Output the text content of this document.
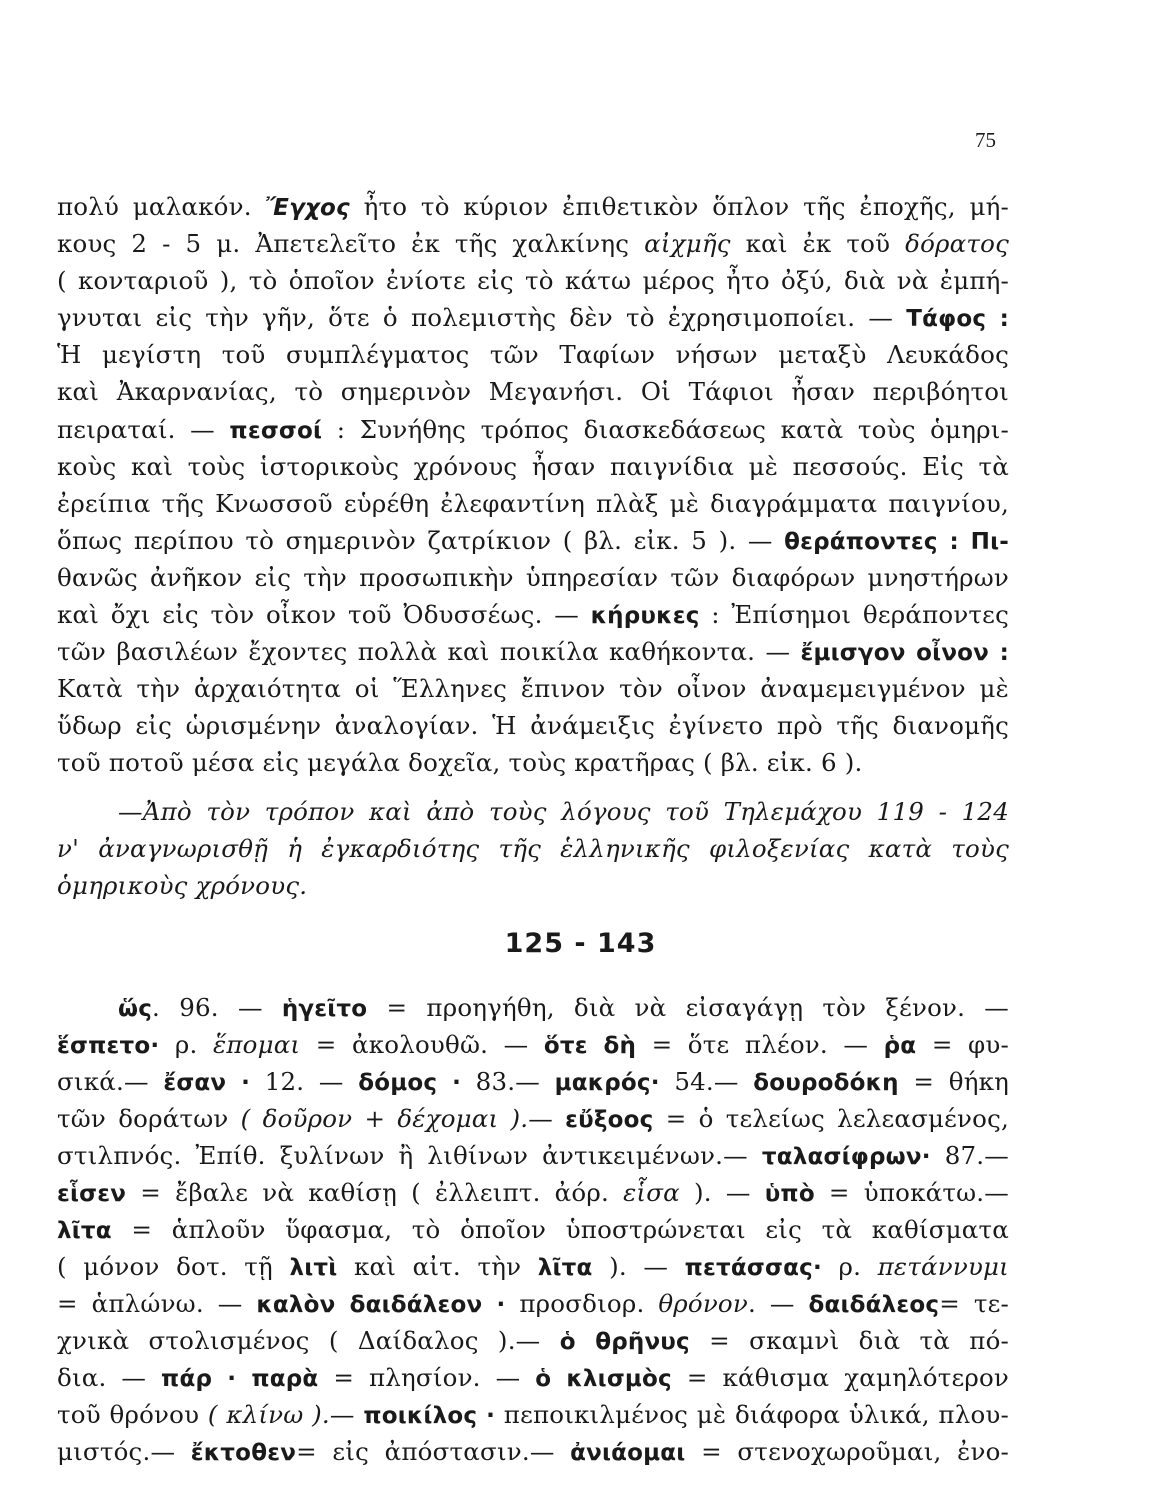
75
πολύ μαλακόν. Ἔγχος ἦτο τὸ κύριον ἐπιθετικὸν ὅπλον τῆς ἐποχῆς, μή-
κους 2 - 5 μ. Ἀπετελεῖτο ἐκ τῆς χαλκίνης αἰχμῆς καὶ ἐκ τοῦ δόρατος
( κονταριοῦ ), τὸ ὁποῖον ἐνίοτε εἰς τὸ κάτω μέρος ἦτο ὀξύ, διὰ νὰ ἐμπή-
γνυται εἰς τὴν γῆν, ὅτε ὁ πολεμιστὴς δὲν τὸ ἐχρησιμοποίει. — Τάφος :
Ἡ μεγίστη τοῦ συμπλέγματος τῶν Ταφίων νήσων μεταξὺ Λευκάδος
καὶ Ἀκαρνανίας, τὸ σημερινὸν Μεγανήσι. Οἱ Τάφιοι ἦσαν περιβόητοι
πειραταί. — πεσσοί : Συνήθης τρόπος διασκεδάσεως κατὰ τοὺς ὁμηρι-
κοὺς καὶ τοὺς ἱστορικοὺς χρόνους ἦσαν παιγνίδια μὲ πεσσούς. Εἰς τὰ
ἐρείπια τῆς Κνωσσοῦ εὑρέθη ἐλεφαντίνη πλὰξ μὲ διαγράμματα παιγνίου,
ὅπως περίπου τὸ σημερινὸν ζατρίκιον ( βλ. εἰκ. 5 ). — θεράποντες : Πι-
θανῶς ἀνῆκον εἰς τὴν προσωπικὴν ὑπηρεσίαν τῶν διαφόρων μνηστήρων
καὶ ὄχι εἰς τὸν οἶκον τοῦ Ὀδυσσέως. — κήρυκες : Ἐπίσημοι θεράποντες
τῶν βασιλέων ἔχοντες πολλὰ καὶ ποικίλα καθήκοντα. — ἔμισγον οἶνον :
Κατὰ τὴν ἀρχαιότητα οἱ Ἕλληνες ἔπινον τὸν οἶνον ἀναμεμειγμένον μὲ
ὕδωρ εἰς ὡρισμένην ἀναλογίαν. Ἡ ἀνάμειξις ἐγίνετο πρὸ τῆς διανομῆς
τοῦ ποτοῦ μέσα εἰς μεγάλα δοχεῖα, τοὺς κρατῆρας ( βλ. εἰκ. 6 ).
—Ἀπὸ τὸν τρόπον καὶ ἀπὸ τοὺς λόγους τοῦ Τηλεμάχου 119 - 124
ν' ἀναγνωρισθῇ ἡ ἐγκαρδιότης τῆς ἑλληνικῆς φιλοξενίας κατὰ τοὺς
ὁμηρικοὺς χρόνους.
125 - 143
ὥς. 96. — ἡγεῖτο = προηγήθη, διὰ νὰ εἰσαγάγῃ τὸν ξένον. —
ἕσπετο· ρ. ἕπομαι = ἀκολουθῶ. — ὅτε δὴ = ὅτε πλέον. — ῥα = φυ-
σικά.— ἔσαν · 12. — δόμος · 83.— μακρός· 54.— δουροδόκη = θήκη
τῶν δοράτων ( δοῦρον + δέχομαι ).— εὔξοος = ὁ τελείως λελεασμένος,
στιλπνός. Ἐπίθ. ξυλίνων ἢ λιθίνων ἀντικειμένων.— ταλασίφρων· 87.—
εἷσεν = ἔβαλε νὰ καθίσῃ ( ἐλλειπτ. ἀόρ. εἷσα ). — ὑπὸ = ὑποκάτω.—
λῖτα = ἁπλοῦν ὕφασμα, τὸ ὁποῖον ὑποστρώνεται εἰς τὰ καθίσματα
( μόνον δοτ. τῇ λιτὶ καὶ αἰτ. τὴν λῖτα ). — πετάσσας· ρ. πετάννυμι
= ἁπλώνω. — καλὸν δαιδάλεον · προσδιορ. θρόνον. — δαιδάλεος= τε-
χνικὰ στολισμένος ( Δαίδαλος ).— ὁ θρῆνυς = σκαμνὶ διὰ τὰ πό-
δια. — πάρ · παρὰ = πλησίον. — ὁ κλισμὸς = κάθισμα χαμηλότερον
τοῦ θρόνου ( κλίνω ).— ποικίλος · πεποικιλμένος μὲ διάφορα ὑλικά, πλου-
μιστός.— ἔκτοθεν= εἰς ἀπόστασιν.— ἀνιάομαι = στενοχωροῦμαι, ἐνο-
